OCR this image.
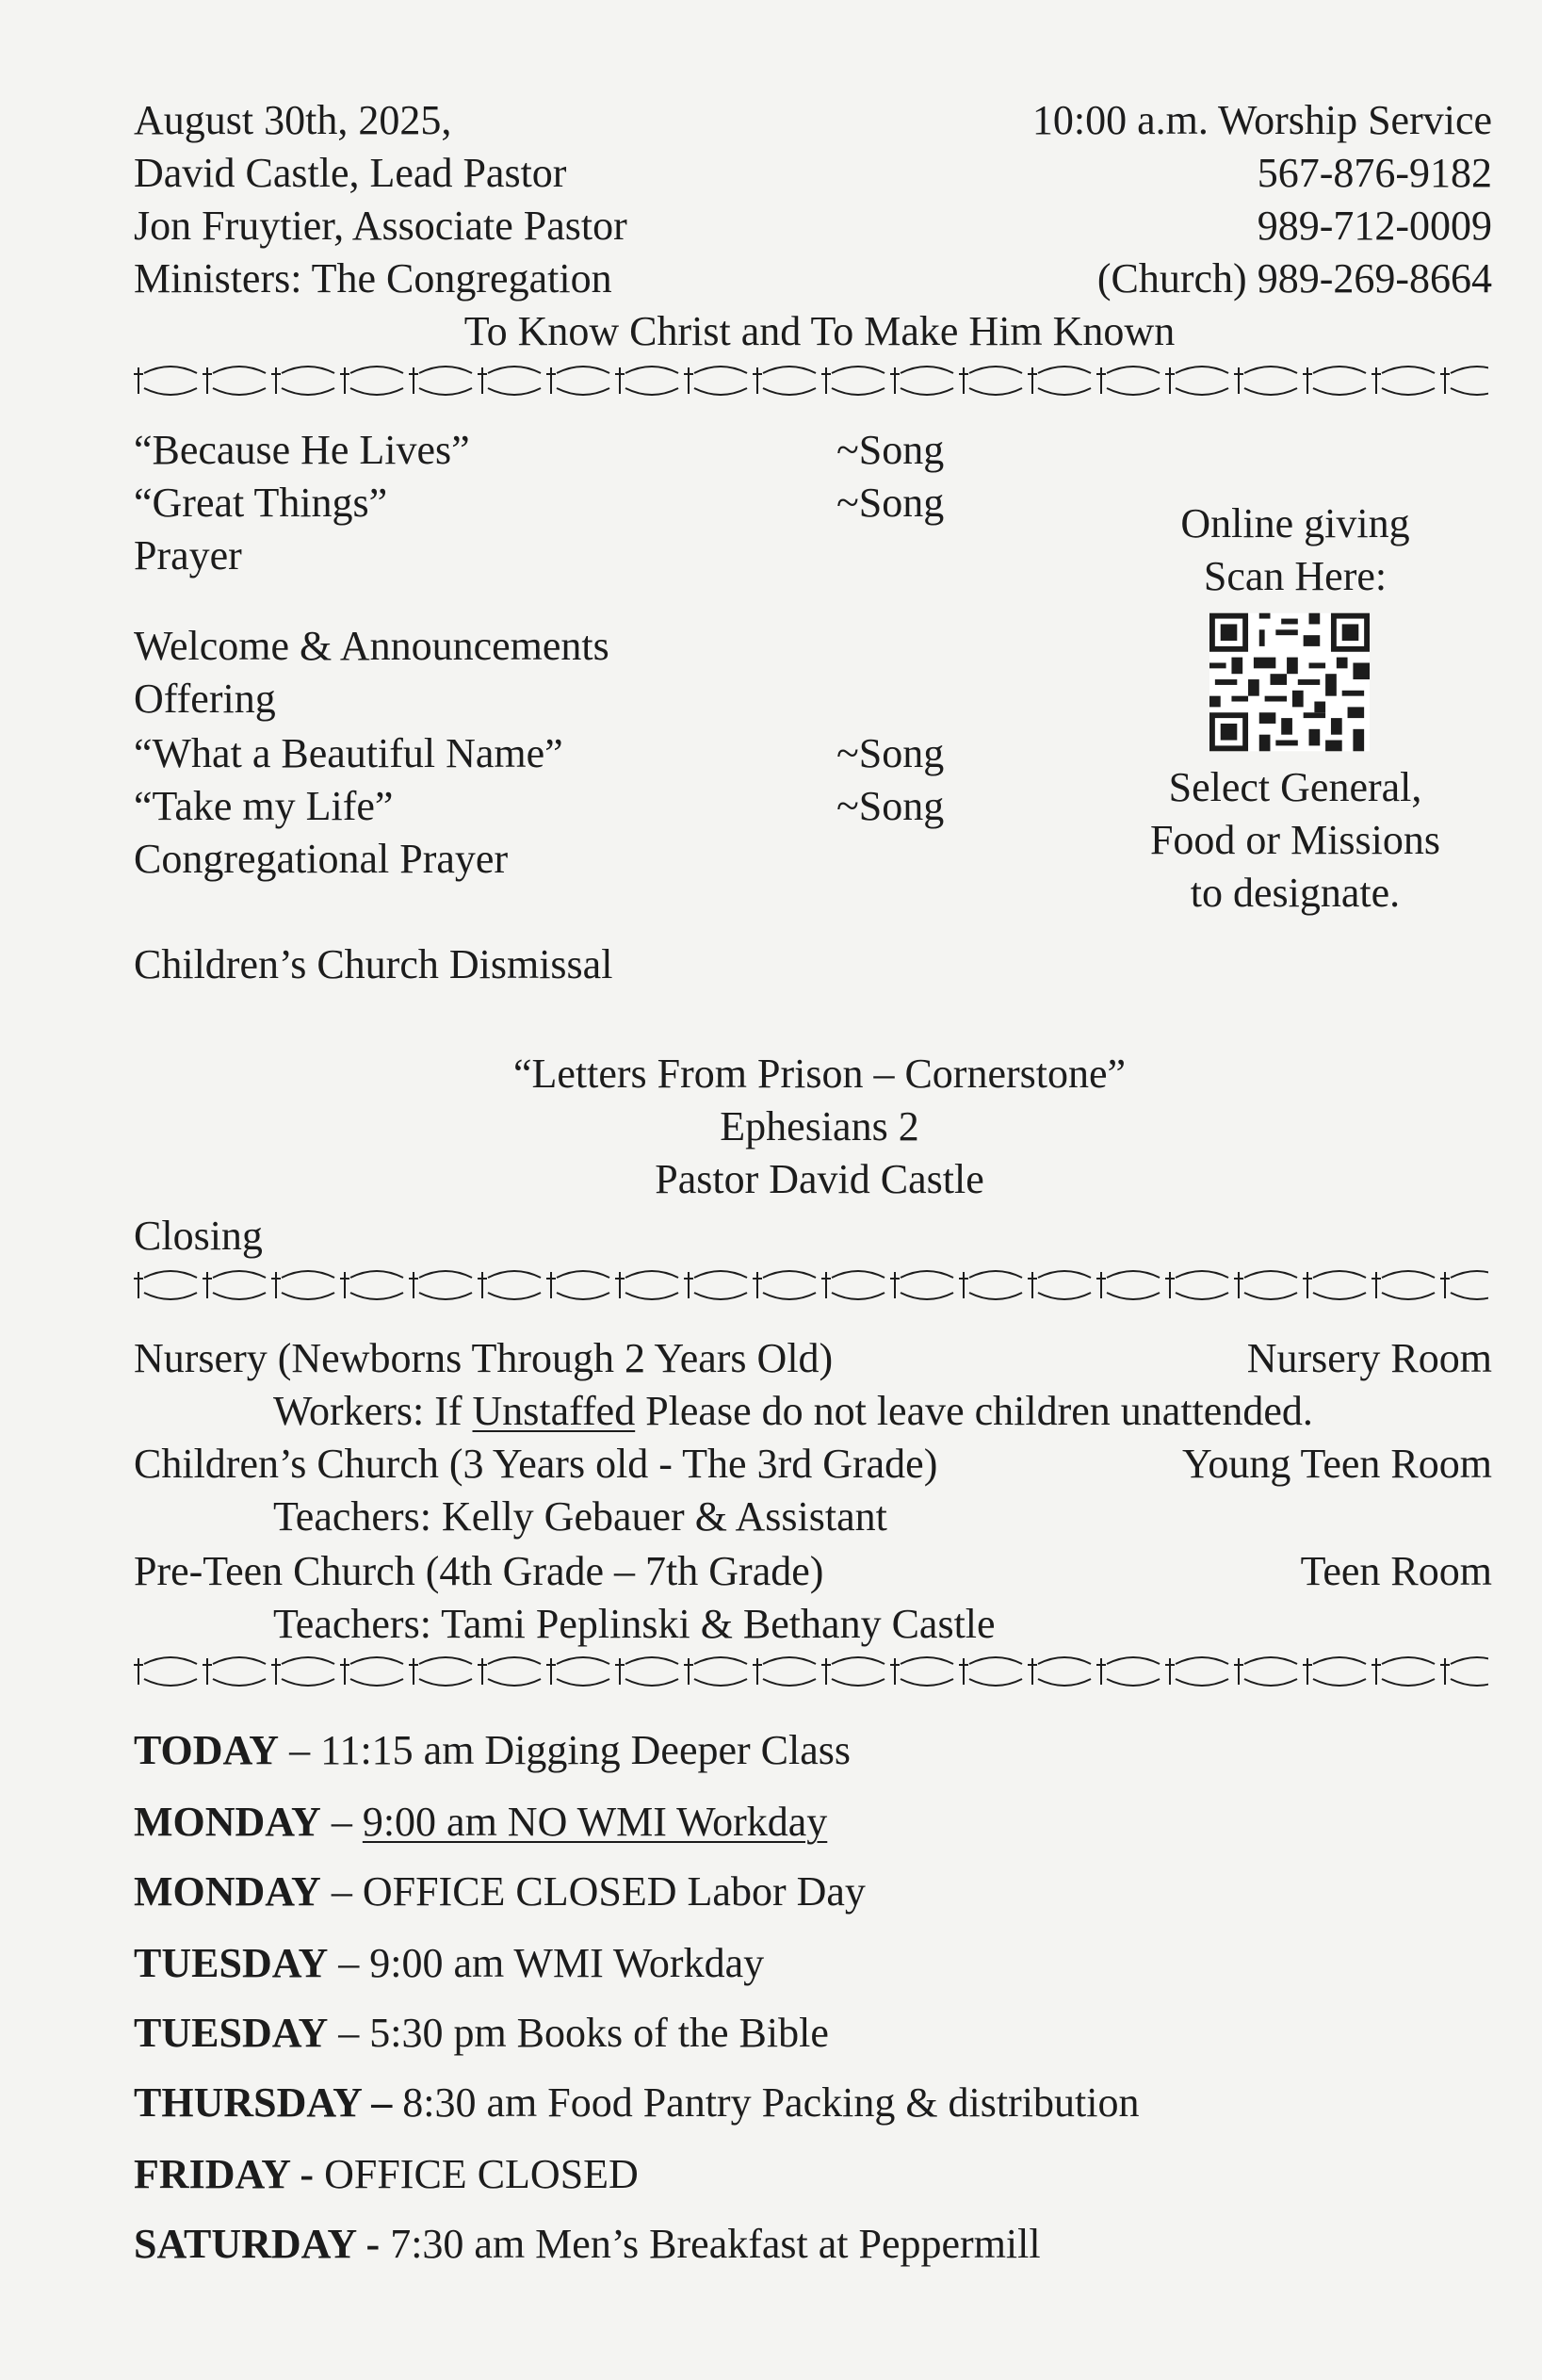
August 30th, 2025,	10:00 a.m. Worship Service
David Castle, Lead Pastor	567-876-9182
Jon Fruytier, Associate Pastor	989-712-0009
Ministers: The Congregation	(Church) 989-269-8664
To Know Christ and To Make Him Known
“Because He Lives”	~Song
“Great Things”	~Song
Prayer
Welcome & Announcements
Offering
“What a Beautiful Name”	~Song
“Take my Life”	~Song
Congregational Prayer
Children’s Church Dismissal
Online giving
Scan Here:
Select General,
Food or Missions
to designate.
“Letters From Prison – Cornerstone”
Ephesians 2
Pastor David Castle
Closing
Nursery (Newborns Through 2 Years Old)	Nursery Room
Workers: If Unstaffed Please do not leave children unattended.
Children’s Church (3 Years old - The 3rd Grade)	Young Teen Room
Teachers: Kelly Gebauer & Assistant
Pre-Teen Church (4th Grade – 7th Grade)	Teen Room
Teachers: Tami Peplinski & Bethany Castle
TODAY – 11:15 am Digging Deeper Class
MONDAY – 9:00 am NO WMI Workday
MONDAY – OFFICE CLOSED Labor Day
TUESDAY – 9:00 am WMI Workday
TUESDAY – 5:30 pm Books of the Bible
THURSDAY – 8:30 am Food Pantry Packing & distribution
FRIDAY - OFFICE CLOSED
SATURDAY - 7:30 am Men’s Breakfast at Peppermill
